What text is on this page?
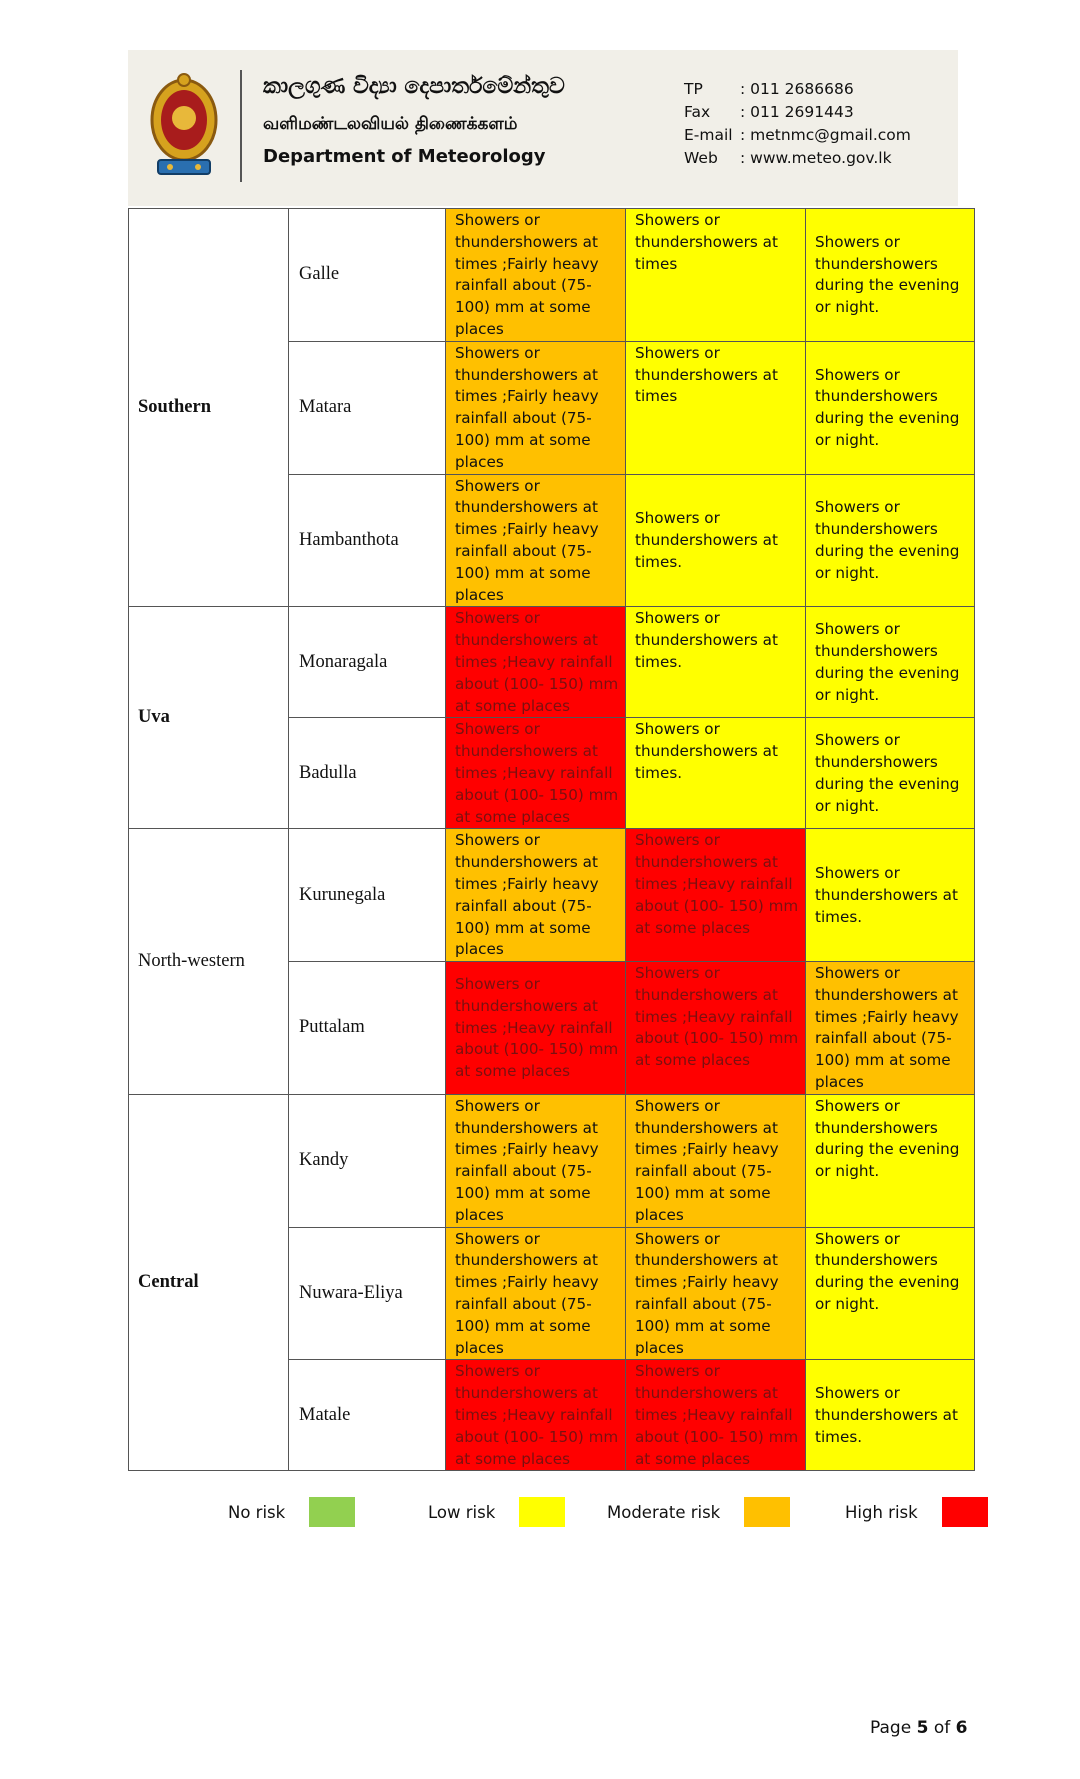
කාලගුණ විද්‍යා දෙපාර්තමේන්තුව
வளிமண்டலவியல் திணைக்களம்
Department of Meteorology
TP	: 011 2686686
Fax	: 011 2691443
E-mail : metnmc@gmail.com
Web	: www.meteo.gov.lk
Southern	Galle	Showers or thundershowers at times ;Fairly heavy rainfall about (75-100) mm at some places	Showers or thundershowers at times	Showers or thundershowers during the evening or night.
	Matara	Showers or thundershowers at times ;Fairly heavy rainfall about (75-100) mm at some places	Showers or thundershowers at times	Showers or thundershowers during the evening or night.
	Hambanthota	Showers or thundershowers at times ;Fairly heavy rainfall about (75-100) mm at some places	Showers or thundershowers at times.	Showers or thundershowers during the evening or night.
Uva	Monaragala	Showers or thundershowers at times ;Heavy rainfall about (100- 150) mm at some places	Showers or thundershowers at times.	Showers or thundershowers during the evening or night.
	Badulla	Showers or thundershowers at times ;Heavy rainfall about (100- 150) mm at some places	Showers or thundershowers at times.	Showers or thundershowers during the evening or night.
North-western	Kurunegala	Showers or thundershowers at times ;Fairly heavy rainfall about (75-100) mm at some places	Showers or thundershowers at times ;Heavy rainfall about (100- 150) mm at some places	Showers or thundershowers at times.
	Puttalam	Showers or thundershowers at times ;Heavy rainfall about (100- 150) mm at some places	Showers or thundershowers at times ;Heavy rainfall about (100- 150) mm at some places	Showers or thundershowers at times ;Fairly heavy rainfall about (75-100) mm at some places
Central	Kandy	Showers or thundershowers at times ;Fairly heavy rainfall about (75-100) mm at some places	Showers or thundershowers at times ;Fairly heavy rainfall about (75-100) mm at some places	Showers or thundershowers during the evening or night.
	Nuwara-Eliya	Showers or thundershowers at times ;Fairly heavy rainfall about (75-100) mm at some places	Showers or thundershowers at times ;Fairly heavy rainfall about (75-100) mm at some places	Showers or thundershowers during the evening or night.
	Matale	Showers or thundershowers at times ;Heavy rainfall about (100- 150) mm at some places	Showers or thundershowers at times ;Heavy rainfall about (100- 150) mm at some places	Showers or thundershowers at times.
No risk	Low risk	Moderate risk	High risk
Page 5 of 6
